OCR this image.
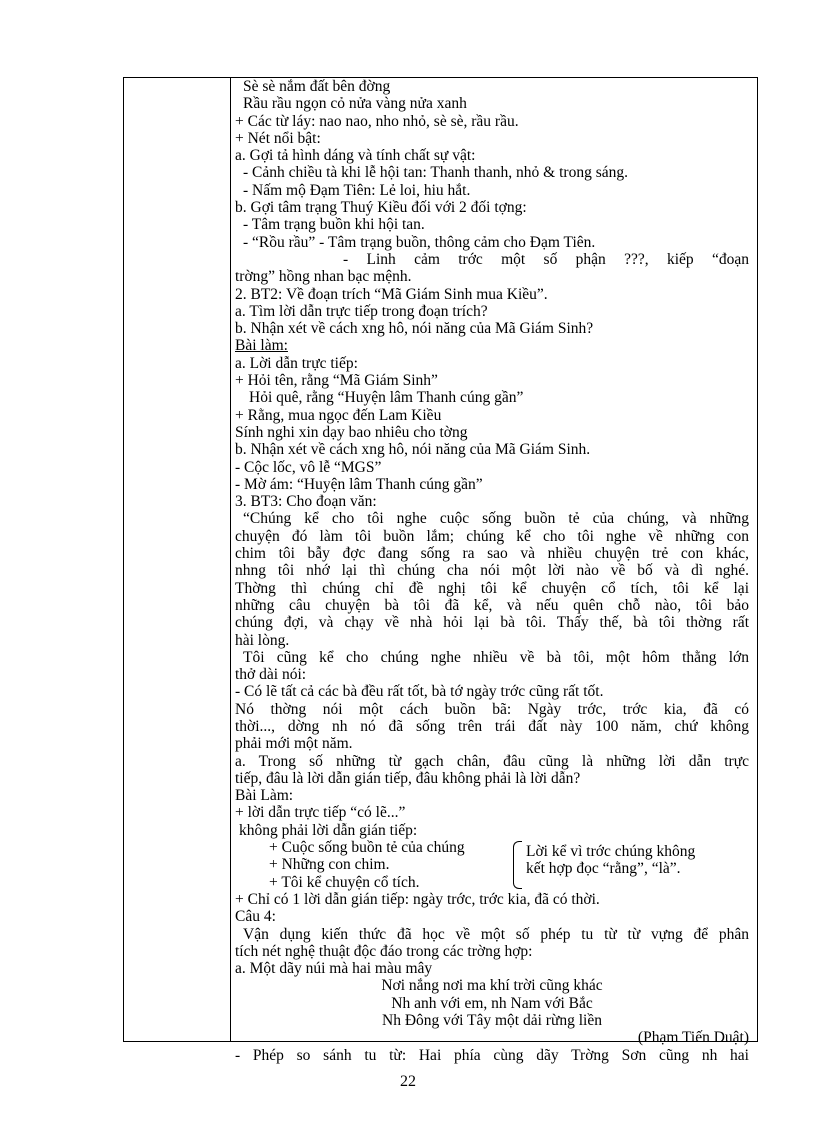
Sè sè nắm đất bên đờng
Rầu rầu ngọn cỏ nửa vàng nửa xanh
+ Các từ láy: nao nao, nho nhỏ, sè sè, rầu rầu.
+ Nét nổi bật:
a. Gợi tả hình dáng và tính chất sự vật:
- Cảnh chiều tà khi lễ hội tan: Thanh thanh, nhỏ & trong sáng.
- Nấm mộ Đạm Tiên: Lẻ loi, hiu hắt.
b. Gợi tâm trạng Thuý Kiều đối với 2 đối tợng:
- Tâm trạng buồn khi hội tan.
- “Rồu rầu” - Tâm trạng buồn, thông cảm cho Đạm Tiên.
- Linh cảm trớc một số phận ???, kiếp “đoạn
trờng” hồng nhan bạc mệnh.
2. BT2: Về đoạn trích “Mã Giám Sinh mua Kiều”.
a. Tìm lời dẫn trực tiếp trong đoạn trích?
b. Nhận xét về cách xng hô, nói năng của Mã Giám Sinh?
Bài làm:
a. Lời dẫn trực tiếp:
+ Hỏi tên, rằng “Mã Giám Sinh”
Hỏi quê, rằng “Huyện lâm Thanh cúng gần”
+ Rằng, mua ngọc đến Lam Kiều
Sính nghi xin dạy bao nhiêu cho tờng
b. Nhận xét về cách xng hô, nói năng của Mã Giám Sinh.
- Cộc lốc, vô lễ “MGS”
- Mờ ám: “Huyện lâm Thanh cúng gần”
3. BT3: Cho đoạn văn:
“Chúng kể cho tôi nghe cuộc sống buồn tẻ của chúng, và những
chuyện đó làm tôi buồn lắm; chúng kể cho tôi nghe về những con
chim tôi bẫy đợc đang sống ra sao và nhiều chuyện trẻ con khác,
nhng tôi nhớ lại thì chúng cha nói một lời nào về bố và dì nghé.
Thờng thì chúng chỉ đề nghị tôi kể chuyện cổ tích, tôi kể lại
những câu chuyện bà tôi đã kể, và nếu quên chỗ nào, tôi bảo
chúng đợi, và chạy về nhà hỏi lại bà tôi. Thấy thế, bà tôi thờng rất
hài lòng.
Tôi cũng kể cho chúng nghe nhiều về bà tôi, một hôm thằng lớn
thở dài nói:
- Có lẽ tất cả các bà đều rất tốt, bà tớ ngày trớc cũng rất tốt.
Nó thờng nói một cách buồn bã: Ngày trớc, trớc kia, đã có
thời..., dờng nh nó đã sống trên trái đất này 100 năm, chứ không
phải mới một năm.
a. Trong số những từ gạch chân, đâu cũng là những lời dẫn trực
tiếp, đâu là lời dẫn gián tiếp, đâu không phải là lời dẫn?
Bài Làm:
+ lời dẫn trực tiếp “có lẽ...”
không phải lời dẫn gián tiếp:
+ Cuộc sống buồn tẻ của chúng
+ Những con chim.
+ Tôi kể chuyện cổ tích.
Lời kể vì trớc chúng không
kết hợp đọc “rằng”, “là”.
+ Chỉ có 1 lời dẫn gián tiếp: ngày trớc, trớc kia, đã có thời.
Câu 4:
Vận dụng kiến thức đã học về một số phép tu từ từ vựng để phân
tích nét nghệ thuật độc đáo trong các trờng hợp:
a. Một dãy núi mà hai màu mây
Nơi nắng nơi ma khí trời cũng khác
Nh anh với em, nh Nam với Bắc
Nh Đông với Tây một dải rừng liền
(Phạm Tiến Duật)
- Phép so sánh tu từ: Hai phía cùng dãy Trờng Sơn cũng nh hai
22
